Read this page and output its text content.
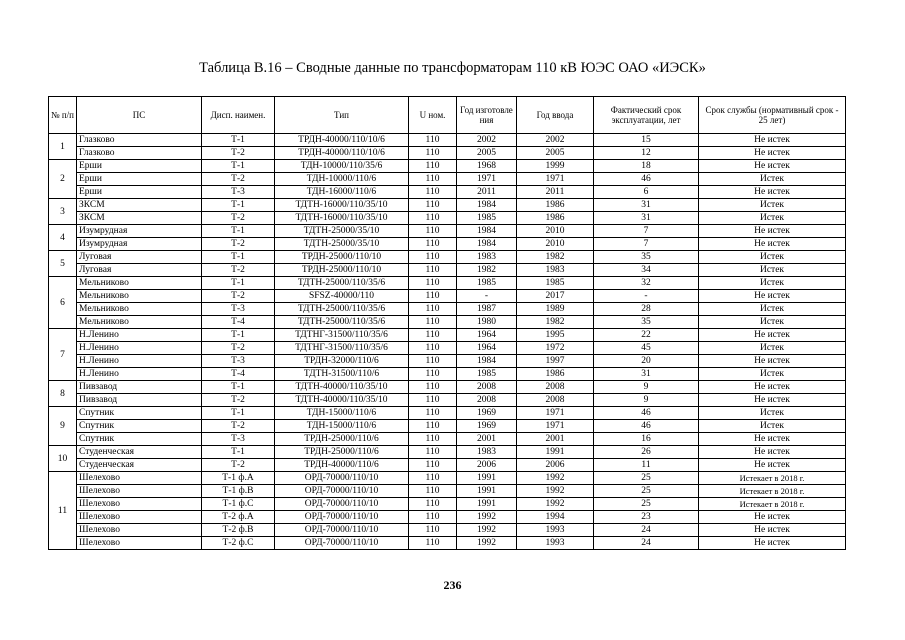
Таблица В.16 – Сводные данные по трансформаторам 110 кВ ЮЭС ОАО «ИЭСК»
№ п/п	ПС	Дисп. наимен.	Тип	U ном.	Год изготовле ния	Год ввода	Фактический срок эксплуатации, лет	Срок службы (нормативный срок - 25 лет)
1	Глазково	Т-1	ТРДН-40000/110/10/6	110	2002	2002	15	Не истек
	Глазково	Т-2	ТРДН-40000/110/10/6	110	2005	2005	12	Не истек
2	Ерши	Т-1	ТДН-10000/110/35/6	110	1968	1999	18	Не истек
	Ерши	Т-2	ТДН-10000/110/6	110	1971	1971	46	Истек
	Ерши	Т-3	ТДН-16000/110/6	110	2011	2011	6	Не истек
3	ЗКСМ	Т-1	ТДТН-16000/110/35/10	110	1984	1986	31	Истек
	ЗКСМ	Т-2	ТДТН-16000/110/35/10	110	1985	1986	31	Истек
4	Изумрудная	Т-1	ТДТН-25000/35/10	110	1984	2010	7	Не истек
	Изумрудная	Т-2	ТДТН-25000/35/10	110	1984	2010	7	Не истек
5	Луговая	Т-1	ТРДН-25000/110/10	110	1983	1982	35	Истек
	Луговая	Т-2	ТРДН-25000/110/10	110	1982	1983	34	Истек
6	Мельниково	Т-1	ТДТН-25000/110/35/6	110	1985	1985	32	Истек
	Мельниково	Т-2	SFSZ-40000/110	110	-	2017	-	Не истек
	Мельниково	Т-3	ТДТН-25000/110/35/6	110	1987	1989	28	Истек
	Мельниково	Т-4	ТДТН-25000/110/35/6	110	1980	1982	35	Истек
7	Н.Ленино	Т-1	ТДТНГ-31500/110/35/6	110	1964	1995	22	Не истек
	Н.Ленино	Т-2	ТДТНГ-31500/110/35/6	110	1964	1972	45	Истек
	Н.Ленино	Т-3	ТРДН-32000/110/6	110	1984	1997	20	Не истек
	Н.Ленино	Т-4	ТДТН-31500/110/6	110	1985	1986	31	Истек
8	Пивзавод	Т-1	ТДТН-40000/110/35/10	110	2008	2008	9	Не истек
	Пивзавод	Т-2	ТДТН-40000/110/35/10	110	2008	2008	9	Не истек
9	Спутник	Т-1	ТДН-15000/110/6	110	1969	1971	46	Истек
	Спутник	Т-2	ТДН-15000/110/6	110	1969	1971	46	Истек
	Спутник	Т-3	ТРДН-25000/110/6	110	2001	2001	16	Не истек
10	Студенческая	Т-1	ТРДН-25000/110/6	110	1983	1991	26	Не истек
	Студенческая	Т-2	ТРДН-40000/110/6	110	2006	2006	11	Не истек
11	Шелехово	Т-1 ф.А	ОРД-70000/110/10	110	1991	1992	25	Истекает в 2018 г.
	Шелехово	Т-1 ф.В	ОРД-70000/110/10	110	1991	1992	25	Истекает в 2018 г.
	Шелехово	Т-1 ф.С	ОРД-70000/110/10	110	1991	1992	25	Истекает в 2018 г.
	Шелехово	Т-2 ф.А	ОРД-70000/110/10	110	1992	1994	23	Не истек
	Шелехово	Т-2 ф.В	ОРД-70000/110/10	110	1992	1993	24	Не истек
	Шелехово	Т-2 ф.С	ОРД-70000/110/10	110	1992	1993	24	Не истек
236
